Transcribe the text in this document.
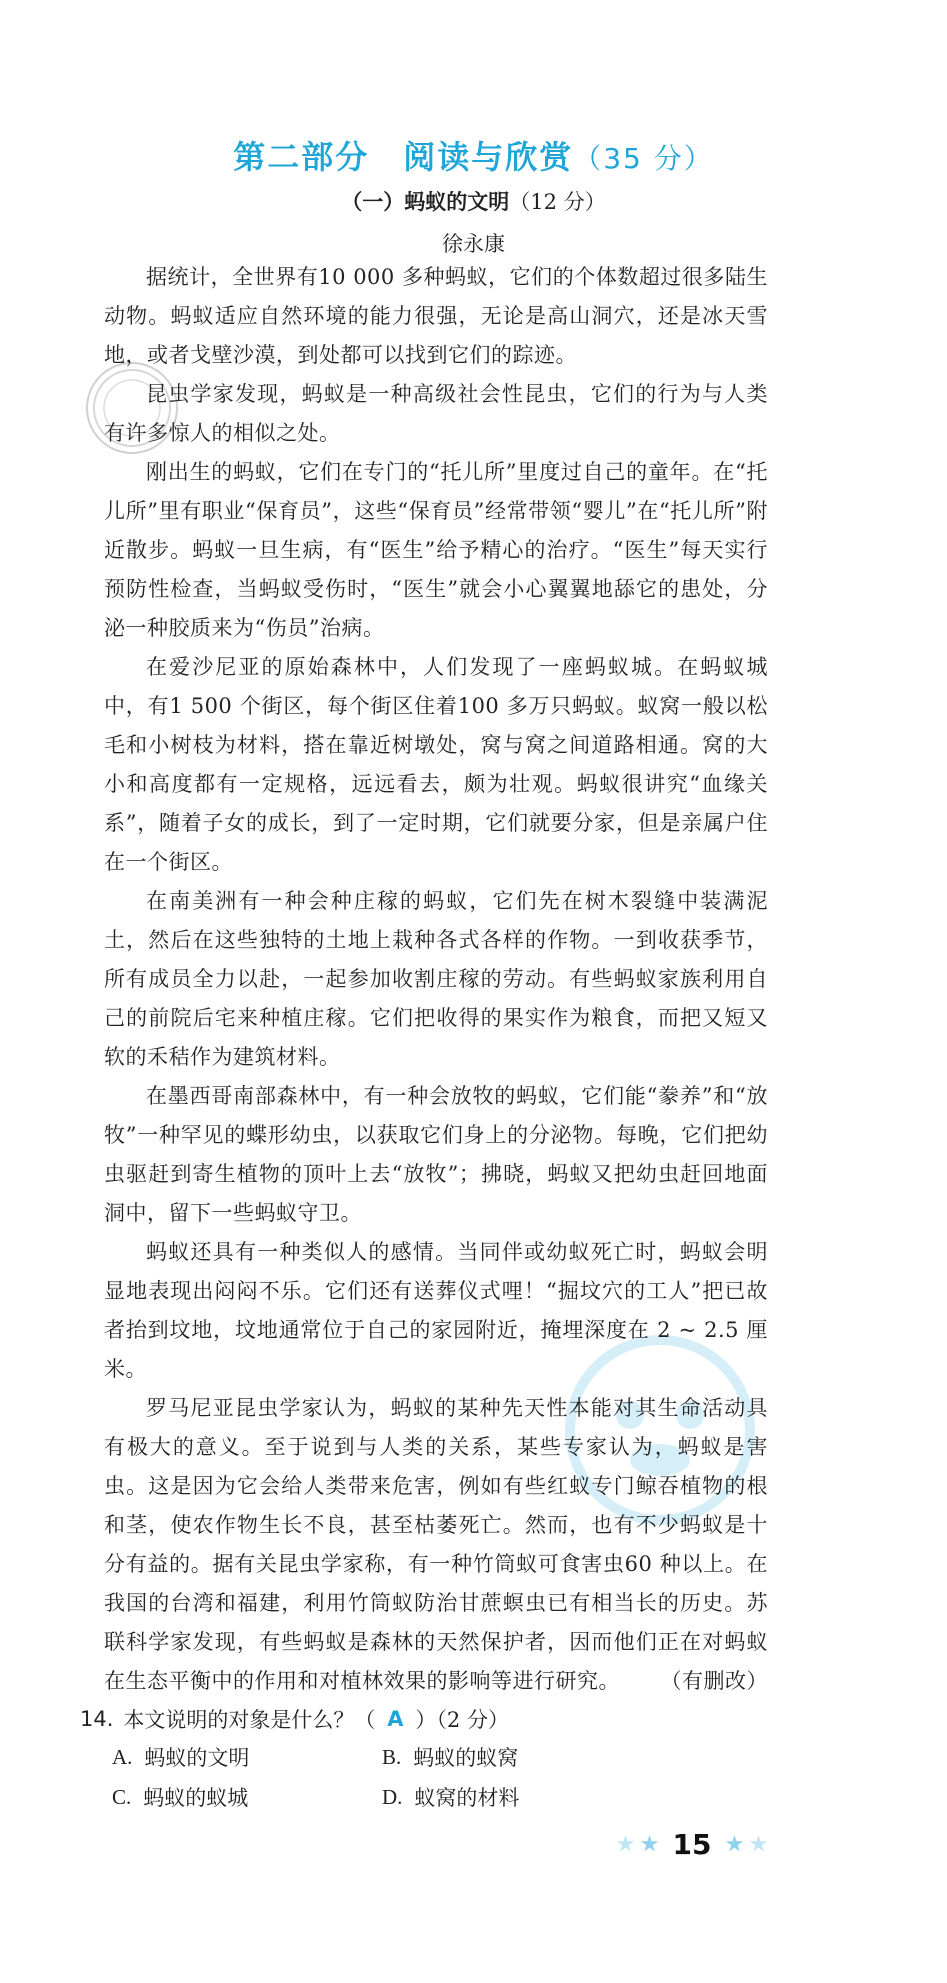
第二部分　阅读与欣赏（35 分）
（一）蚂蚁的文明（12 分）
徐永康

据统计，全世界有10 000 多种蚂蚁，它们的个体数超过很多陆生动物。蚂蚁适应自然环境的能力很强，无论是高山洞穴，还是冰天雪地，或者戈壁沙漠，到处都可以找到它们的踪迹。

昆虫学家发现，蚂蚁是一种高级社会性昆虫，它们的行为与人类有许多惊人的相似之处。

刚出生的蚂蚁，它们在专门的“托儿所”里度过自己的童年。在“托儿所”里有职业“保育员”，这些“保育员”经常带领“婴儿”在“托儿所”附近散步。蚂蚁一旦生病，有“医生”给予精心的治疗。“医生”每天实行预防性检查，当蚂蚁受伤时，“医生”就会小心翼翼地舔它的患处，分泌一种胶质来为“伤员”治病。

在爱沙尼亚的原始森林中，人们发现了一座蚂蚁城。在蚂蚁城中，有1 500 个街区，每个街区住着100 多万只蚂蚁。蚁窝一般以松毛和小树枝为材料，搭在靠近树墩处，窝与窝之间道路相通。窝的大小和高度都有一定规格，远远看去，颇为壮观。蚂蚁很讲究“血缘关系”，随着子女的成长，到了一定时期，它们就要分家，但是亲属户住在一个街区。

在南美洲有一种会种庄稼的蚂蚁，它们先在树木裂缝中装满泥土，然后在这些独特的土地上栽种各式各样的作物。一到收获季节，所有成员全力以赴，一起参加收割庄稼的劳动。有些蚂蚁家族利用自己的前院后宅来种植庄稼。它们把收得的果实作为粮食，而把又短又软的禾秸作为建筑材料。

在墨西哥南部森林中，有一种会放牧的蚂蚁，它们能“豢养”和“放牧”一种罕见的蝶形幼虫，以获取它们身上的分泌物。每晚，它们把幼虫驱赶到寄生植物的顶叶上去“放牧”；拂晓，蚂蚁又把幼虫赶回地面洞中，留下一些蚂蚁守卫。

蚂蚁还具有一种类似人的感情。当同伴或幼蚁死亡时，蚂蚁会明显地表现出闷闷不乐。它们还有送葬仪式哩！“掘坟穴的工人”把已故者抬到坟地，坟地通常位于自己的家园附近，掩埋深度在 2 ~ 2.5 厘米。

罗马尼亚昆虫学家认为，蚂蚁的某种先天性本能对其生命活动具有极大的意义。至于说到与人类的关系，某些专家认为，蚂蚁是害虫。这是因为它会给人类带来危害，例如有些红蚁专门鲸吞植物的根和茎，使农作物生长不良，甚至枯萎死亡。然而，也有不少蚂蚁是十分有益的。据有关昆虫学家称，有一种竹筒蚁可食害虫60 种以上。在我国的台湾和福建，利用竹筒蚁防治甘蔗螟虫已有相当长的历史。苏联科学家发现，有些蚂蚁是森林的天然保护者，因而他们正在对蚂蚁在生态平衡中的作用和对植林效果的影响等进行研究。 （有删改）

14. 本文说明的对象是什么？（ A ）（2 分）
A. 蚂蚁的文明	B. 蚂蚁的蚁窝
C. 蚂蚁的蚁城	D. 蚁窝的材料
15
